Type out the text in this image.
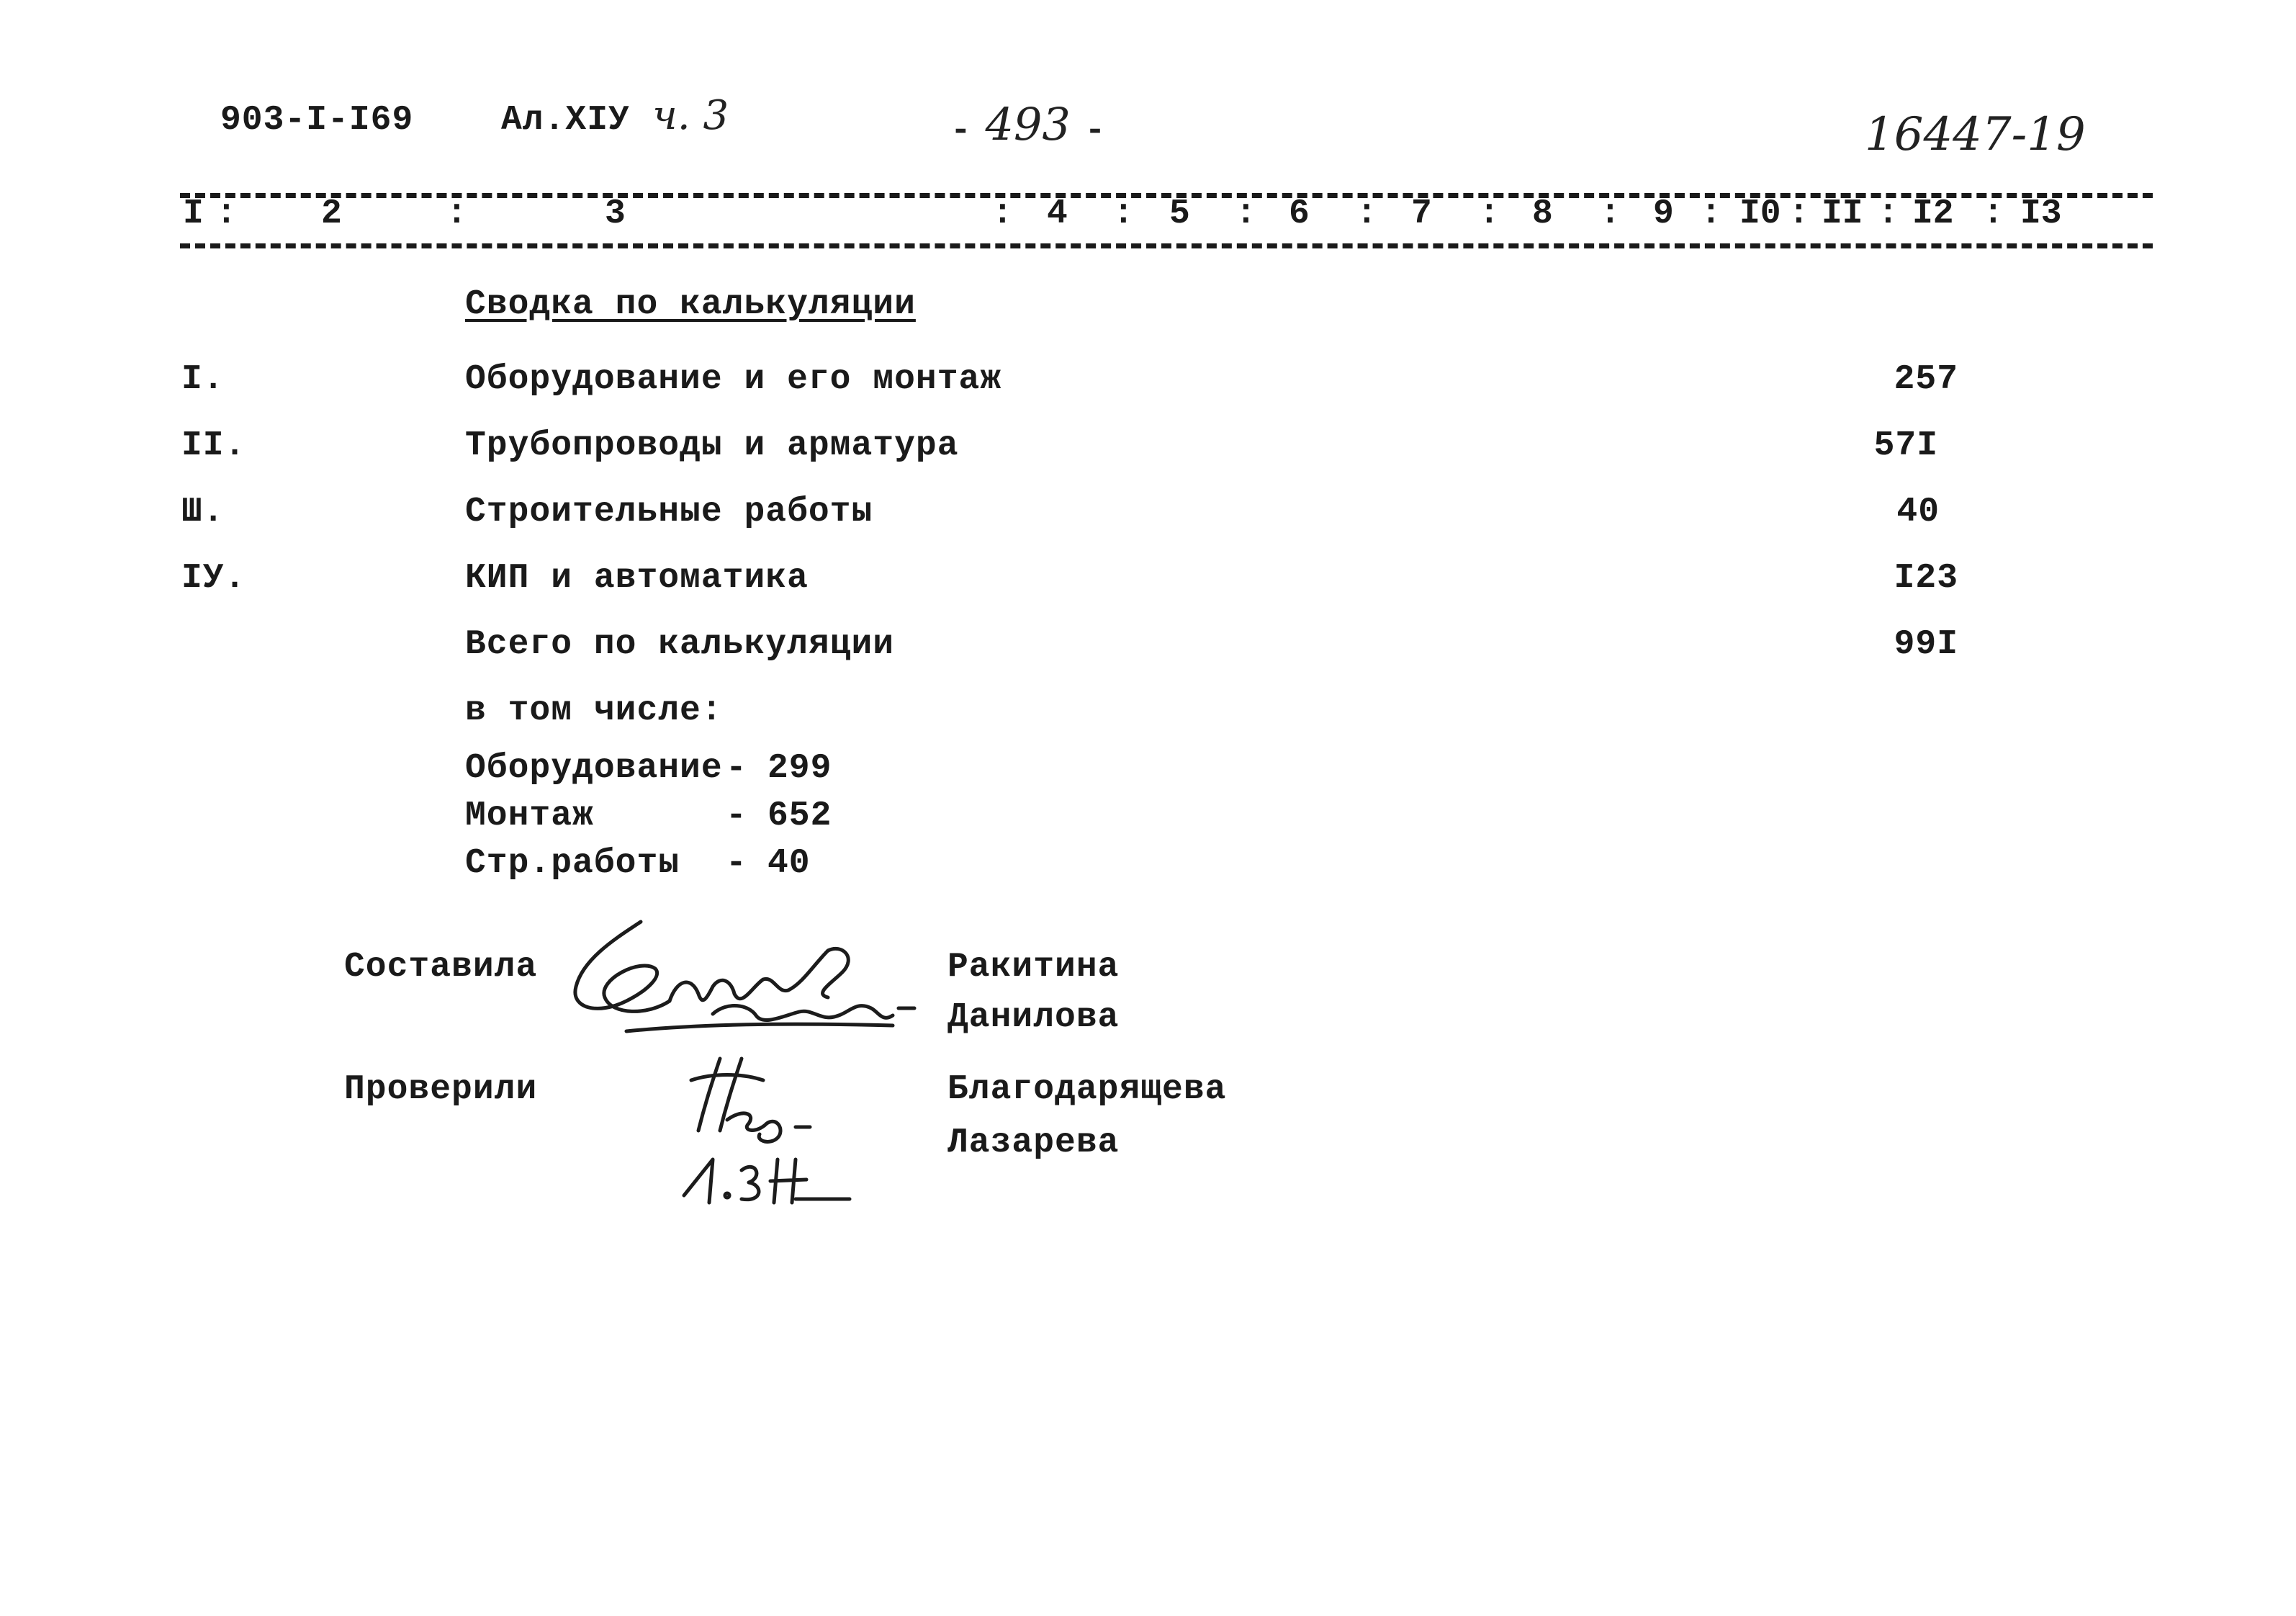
903-I-I69	Ал.XIУ ч. 3	- 493 -	16447-19
I : 2	:	3	: 4 : 5 : 6 : 7 : 8 : 9 : I0 : II : I2 : I3
Сводка по калькуляции
I.	Оборудование и его монтаж	257
II.	Трубопроводы и арматура	57I
Ш.	Строительные работы	40
IУ.	КИП и автоматика	I23
Всего по калькуляции	99I
в том числе:
Оборудование - 299
Монтаж	- 652
Стр.работы - 40
Составила	Ракитина
Данилова
Проверили	Благодарящева
Лазарева
